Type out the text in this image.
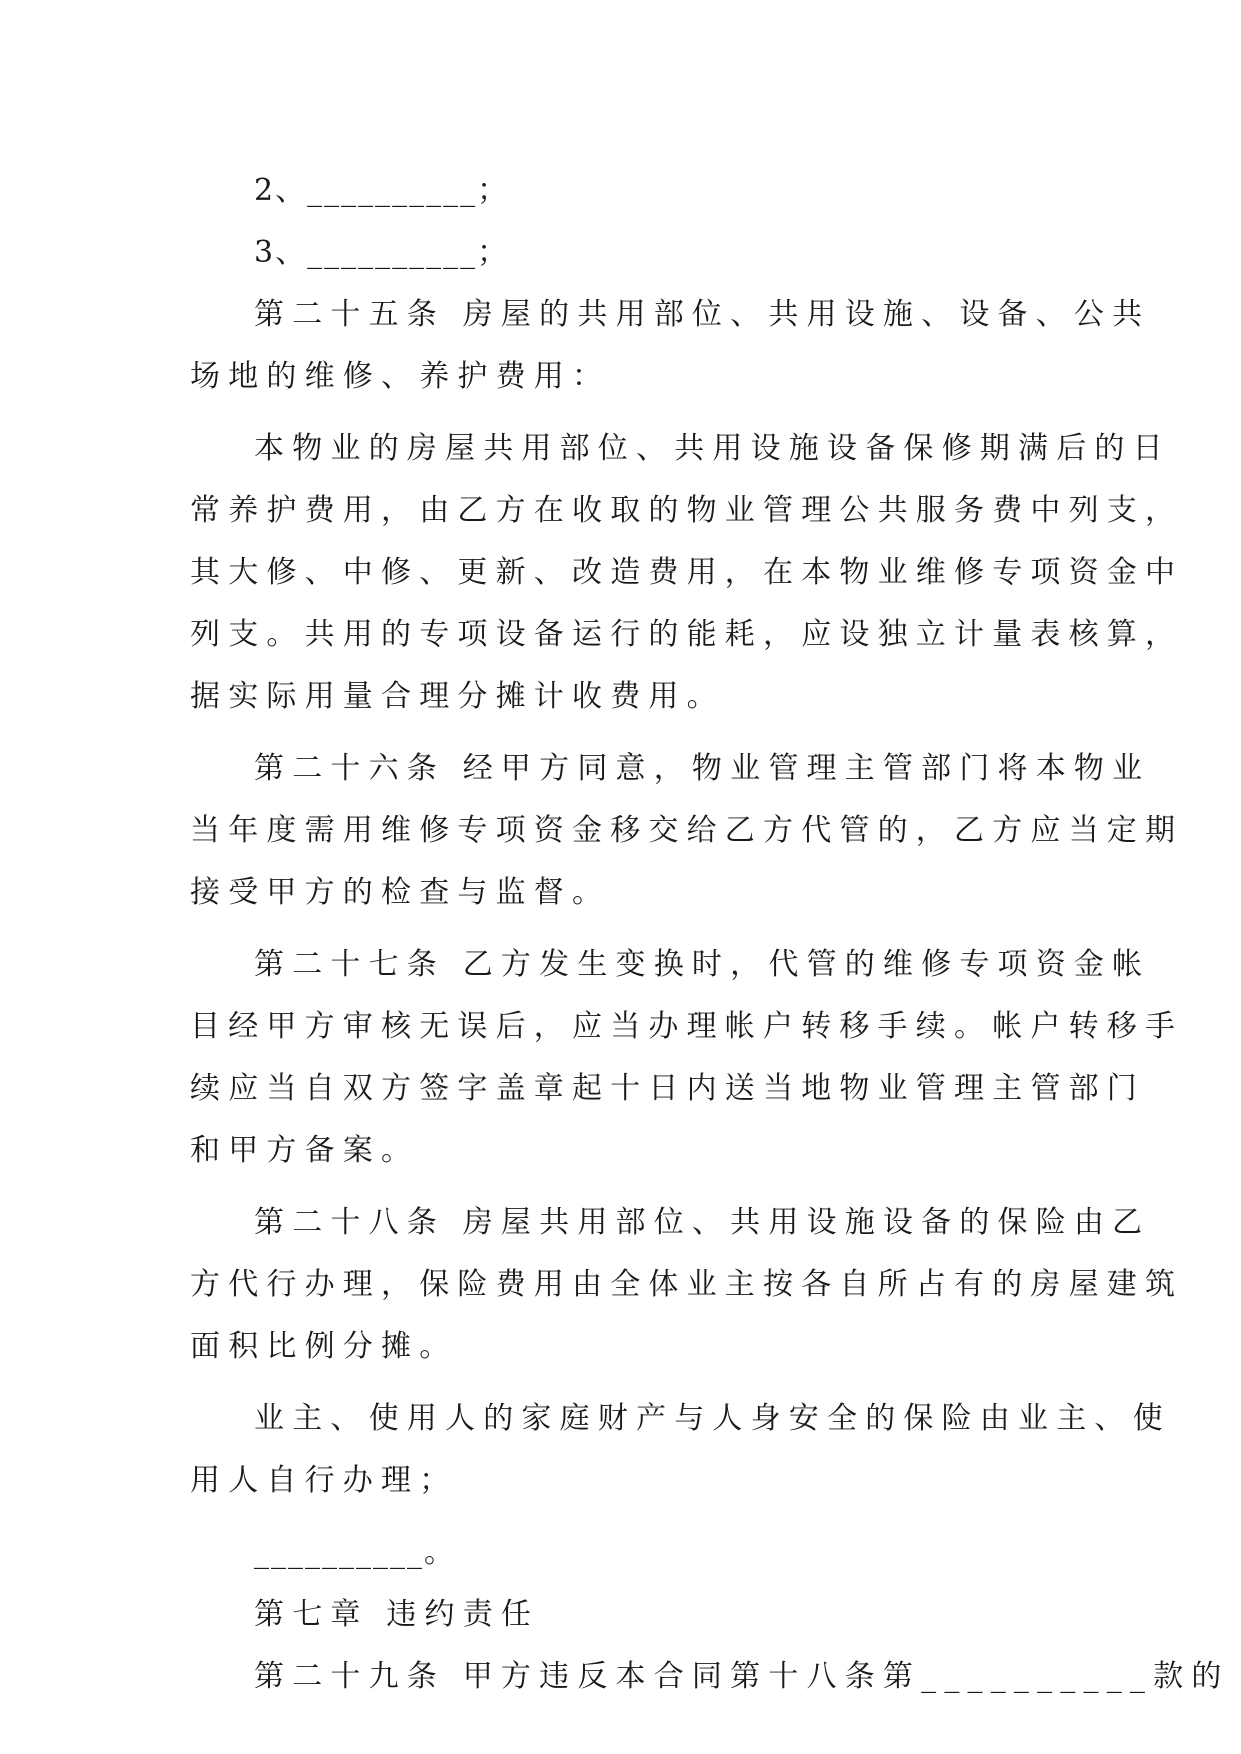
2、__________；
3、__________；
第二十五条 房屋的共用部位、共用设施、设备、公共
场地的维修、养护费用：
本物业的房屋共用部位、共用设施设备保修期满后的日
常养护费用，由乙方在收取的物业管理公共服务费中列支，
其大修、中修、更新、改造费用，在本物业维修专项资金中
列支。共用的专项设备运行的能耗，应设独立计量表核算，
据实际用量合理分摊计收费用。
第二十六条 经甲方同意，物业管理主管部门将本物业
当年度需用维修专项资金移交给乙方代管的，乙方应当定期
接受甲方的检查与监督。
第二十七条 乙方发生变换时，代管的维修专项资金帐
目经甲方审核无误后，应当办理帐户转移手续。帐户转移手
续应当自双方签字盖章起十日内送当地物业管理主管部门
和甲方备案。
第二十八条 房屋共用部位、共用设施设备的保险由乙
方代行办理，保险费用由全体业主按各自所占有的房屋建筑
面积比例分摊。
业主、使用人的家庭财产与人身安全的保险由业主、使
用人自行办理；
__________。
第七章 违约责任
第二十九条 甲方违反本合同第十八条第__________款的
